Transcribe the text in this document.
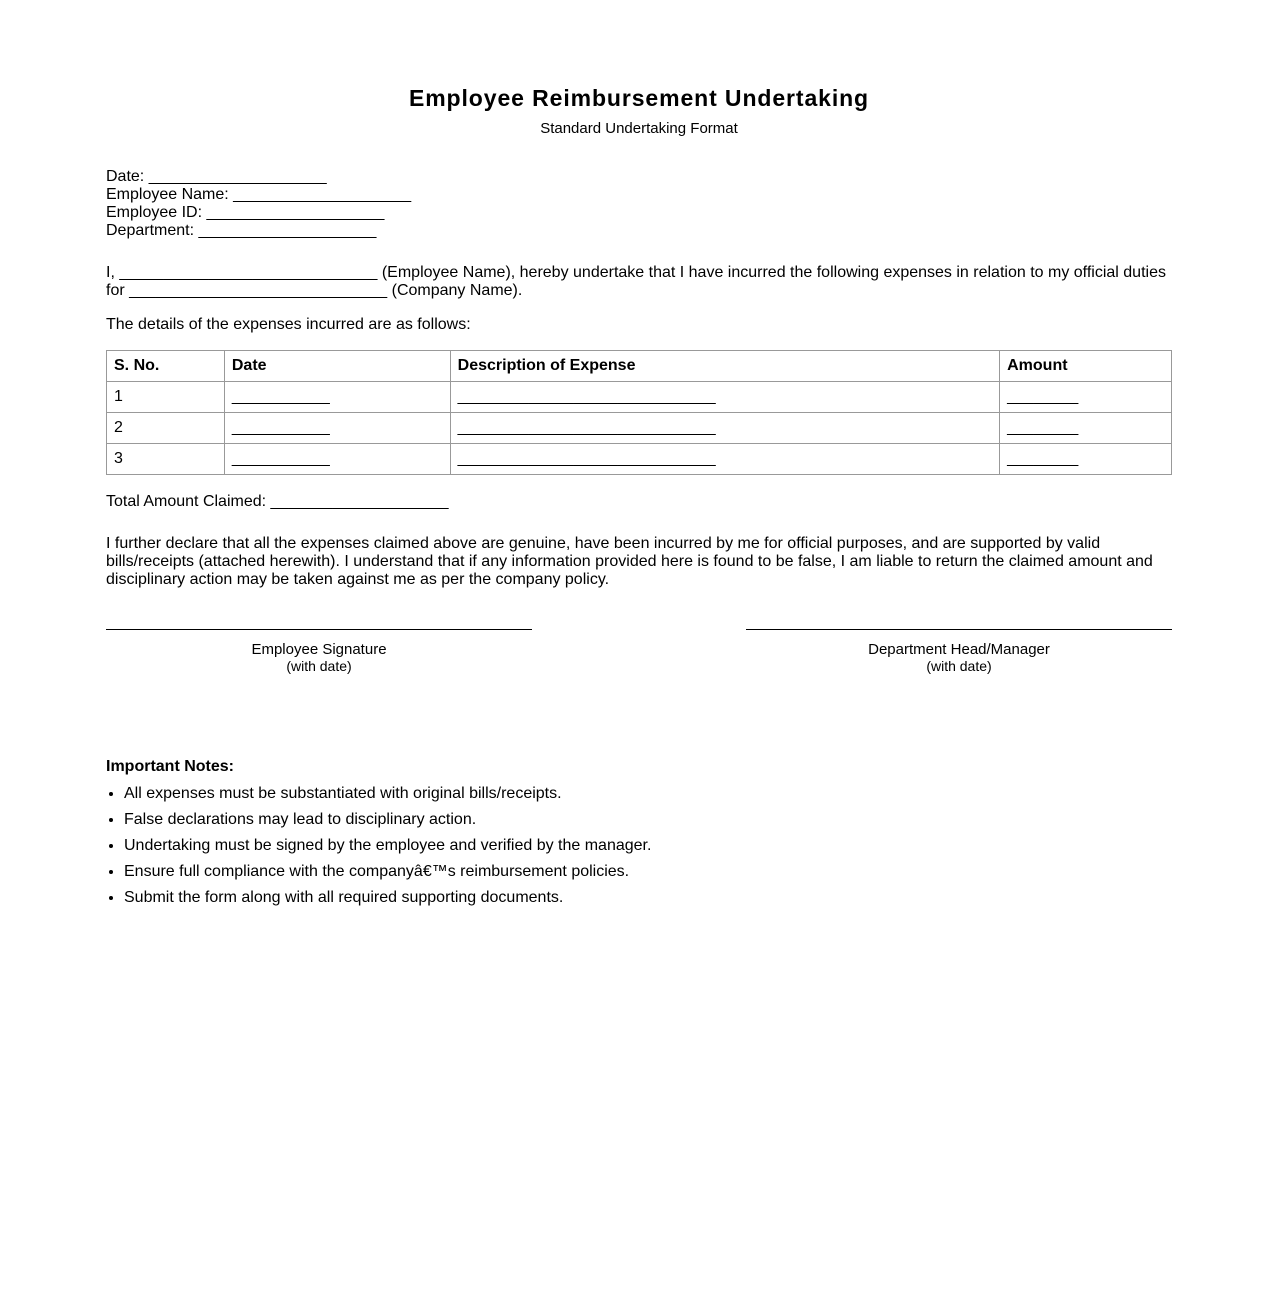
Employee Reimbursement Undertaking
Standard Undertaking Format
Date: ____________________
Employee Name: ____________________
Employee ID: ____________________
Department: ____________________
I, _____________________________ (Employee Name), hereby undertake that I have incurred the following expenses in relation to my official duties for _____________________________ (Company Name).
The details of the expenses incurred are as follows:
S. No.	Date	Description of Expense	Amount
1	___________	_____________________________	________
2	___________	_____________________________	________
3	___________	_____________________________	________
Total Amount Claimed: ____________________
I further declare that all the expenses claimed above are genuine, have been incurred by me for official purposes, and are supported by valid bills/receipts (attached herewith). I understand that if any information provided here is found to be false, I am liable to return the claimed amount and disciplinary action may be taken against me as per the company policy.
Employee Signature
(with date)
Department Head/Manager
(with date)
Important Notes:
• All expenses must be substantiated with original bills/receipts.
• False declarations may lead to disciplinary action.
• Undertaking must be signed by the employee and verified by the manager.
• Ensure full compliance with the companyâ€™s reimbursement policies.
• Submit the form along with all required supporting documents.
